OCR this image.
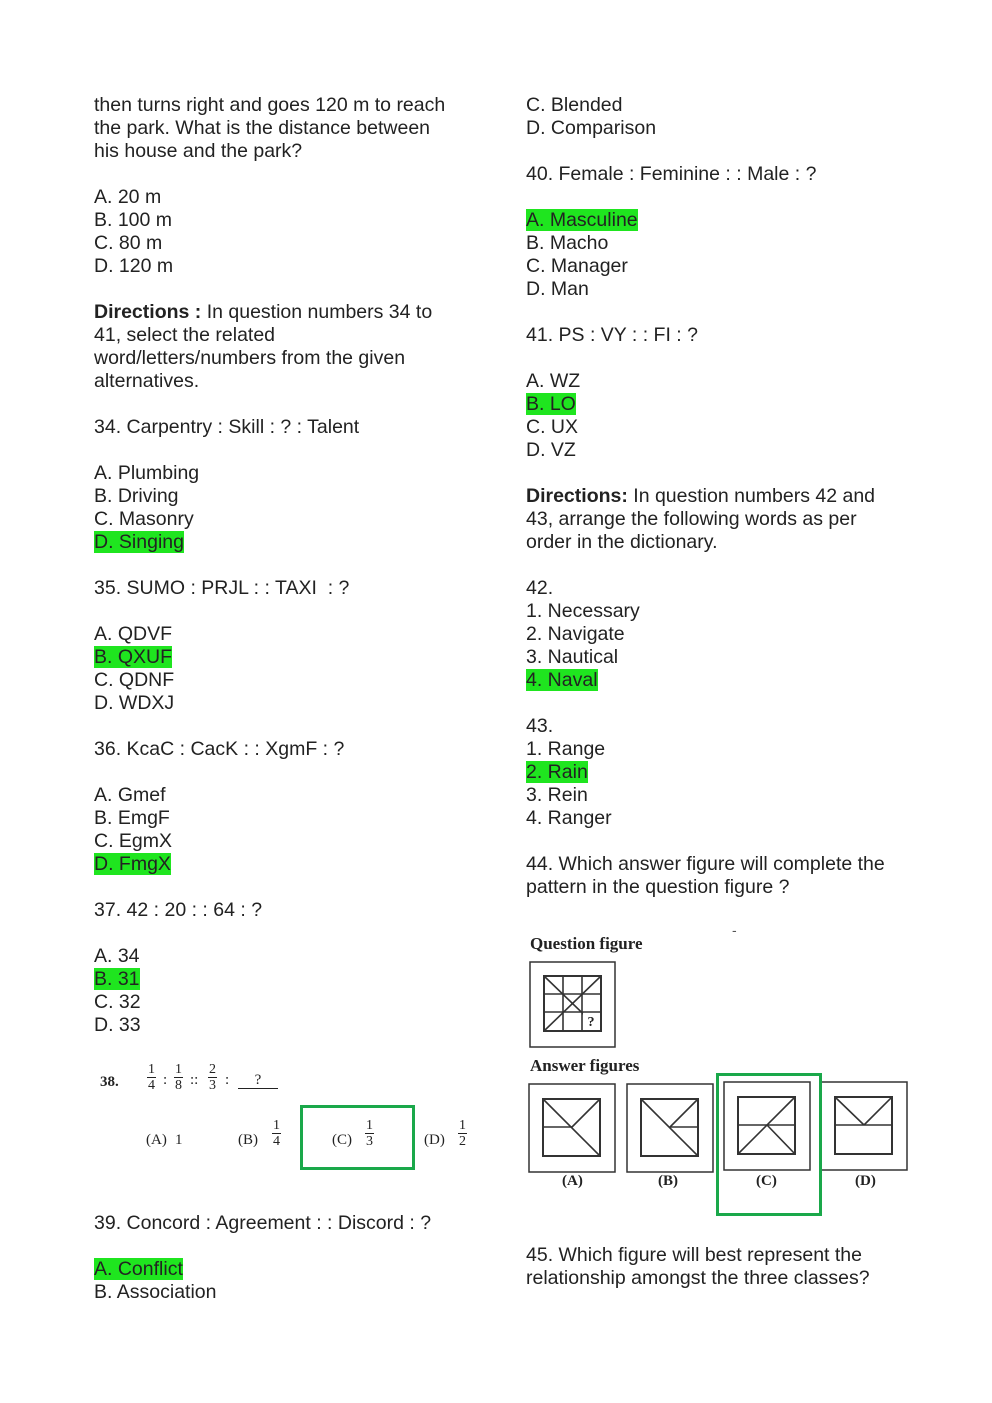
then turns right and goes 120 m to reach
the park. What is the distance between
his house and the park?
A. 20 m
B. 100 m
C. 80 m
D. 120 m
Directions : In question numbers 34 to
41, select the related
word/letters/numbers from the given
alternatives.
34. Carpentry : Skill : ? : Talent
A. Plumbing
B. Driving
C. Masonry
D. Singing
35. SUMO : PRJL : : TAXI  : ?
A. QDVF
B. QXUF
C. QDNF
D. WDXJ
36. KcaC : CacK : : XgmF : ?
A. Gmef
B. EmgF
C. EgmX
D. FmgX
37. 42 : 20 : : 64 : ?
A. 34
B. 31
C. 32
D. 33
38. $\frac{1}{4}$ : $\frac{1}{8}$ :: $\frac{2}{3}$ :	?
(A) 1	$(B) \frac{1}{4}$	$(C) \frac{1}{3}$	$(D) \frac{1}{2}$
39. Concord : Agreement : : Discord : ?
A. Conflict
B. Association
C. Blended
D. Comparison
40. Female : Feminine : : Male : ?
A. Masculine
B. Macho
C. Manager
D. Man
41. PS : VY : : FI : ?
A. WZ
B. LO
C. UX
D. VZ
Directions: In question numbers 42 and
43, arrange the following words as per
order in the dictionary.
42.
1. Necessary
2. Navigate
3. Nautical
4. Naval
43.
1. Range
2. Rain
3. Rein
4. Ranger
44. Which answer figure will complete the
pattern in the question figure ?
Question figure
-
?
Answer figures
(A)	(B)	(C)	(D)
45. Which figure will best represent the
relationship amongst the three classes?
